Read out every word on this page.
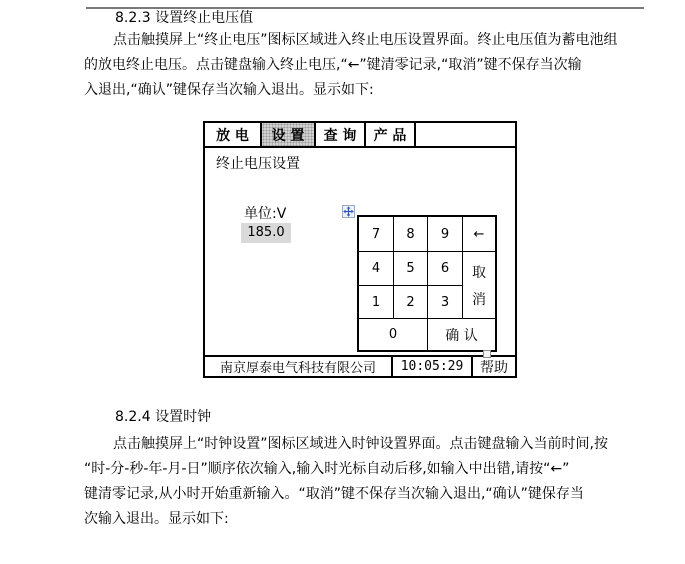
8.2.3 设置终止电压值
点击触摸屏上“终止电压”图标区域进入终止电压设置界面。终止电压值为蓄电池组
的放电终止电压。点击键盘输入终止电压,“←”键清零记录,“取消”键不保存当次输
入退出,“确认”键保存当次输入退出。显示如下:
放 电	设 置	查 询	产 品
终止电压设置
单位:V
185.0	7	8	9	←
4	5	6	取
消
1	2	3
0	确 认
南京厚泰电气科技有限公司	10:05:29	帮助
8.2.4 设置时钟
点击触摸屏上“时钟设置”图标区域进入时钟设置界面。点击键盘输入当前时间,按
“时-分-秒-年-月-日”顺序依次输入,输入时光标自动后移,如输入中出错,请按“←”
键清零记录,从小时开始重新输入。“取消”键不保存当次输入退出,“确认”键保存当
次输入退出。显示如下:
